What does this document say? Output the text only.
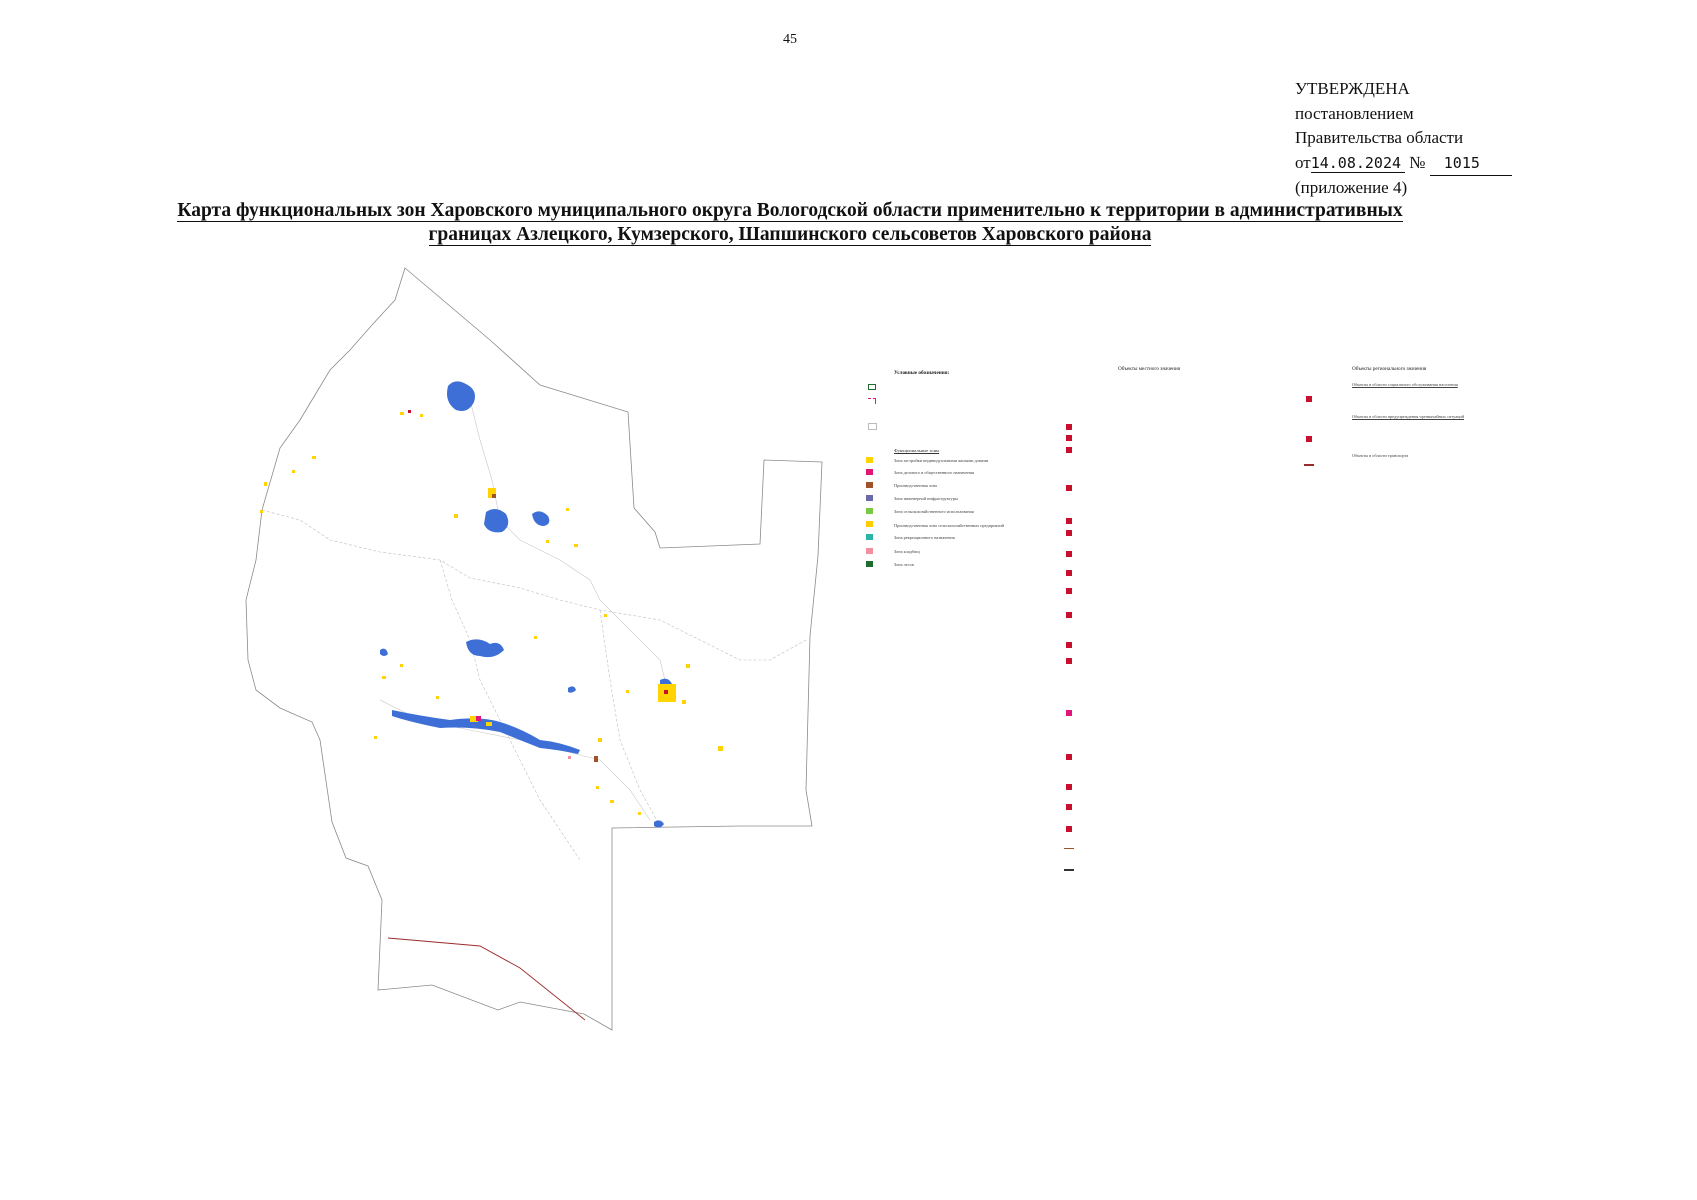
45
УТВЕРЖДЕНА
постановлением
Правительства области
от14.08.2024 № 1015
(приложение 4)
Карта функциональных зон Харовского муниципального округа Вологодской области применительно к территории в административных
границах Азлецкого, Кумзерского, Шапшинского сельсоветов Харовского района
Условные обозначения:
Функциональные зоны
Зона застройки индивидуальными жилыми домами
Зона делового и общественного назначения
Производственная зона
Зона инженерной инфраструктуры
Зона сельскохозяйственного использования
Производственная зона сельскохозяйственных предприятий
Зона рекреационного назначения
Зона кладбищ
Зона лесов
Объекты местного значения	Объекты регионального значения
Объекты в области социального обслуживания населения
Объекты в области предупреждения чрезвычайных ситуаций
Объекты в области транспорта
